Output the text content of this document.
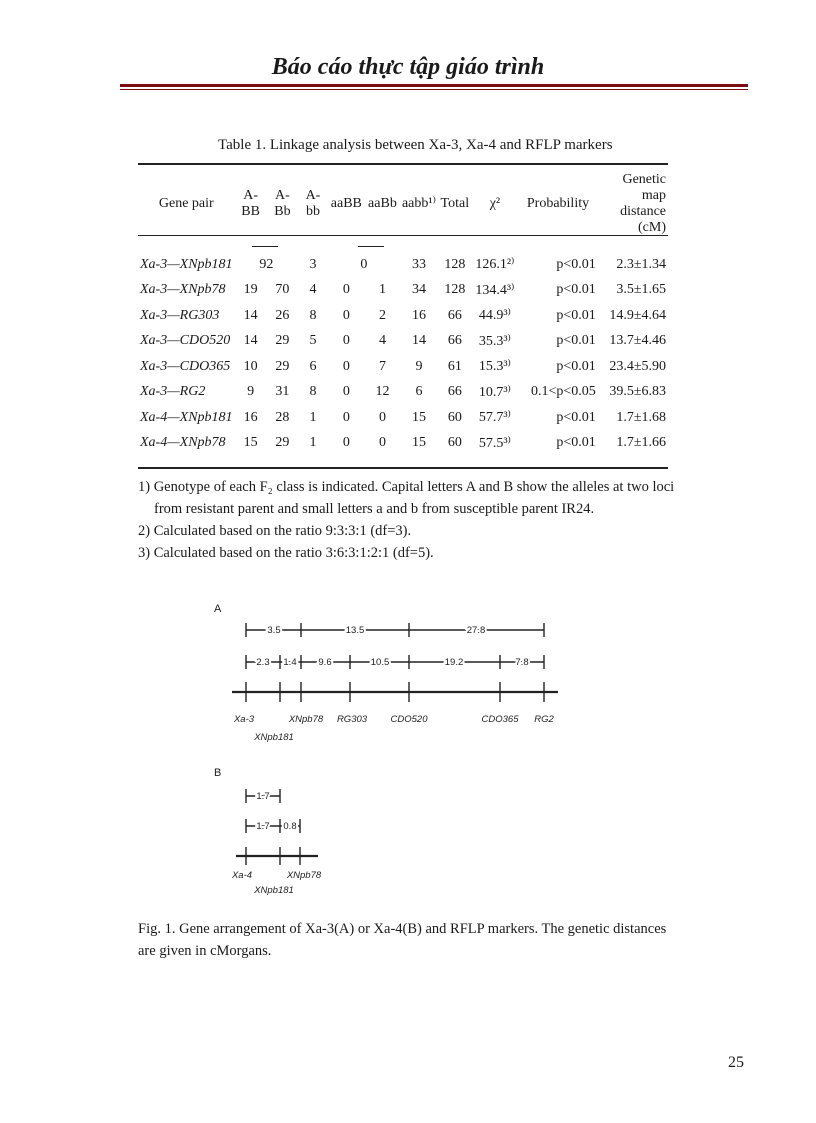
Báo cáo thực tập giáo trình
Table 1. Linkage analysis between Xa-3, Xa-4 and RFLP markers
Gene pair	A-BB	A-Bb	A-bb	aaBB	aaBb	aabb¹⁾	Total	χ²	Probability	Genetic map distance (cM)
Xa-3—XNpb181	92		3	0		33	128	126.1²⁾	p<0.01	2.3±1.34
Xa-3—XNpb78	19	70	4	0	1	34	128	134.4³⁾	p<0.01	3.5±1.65
Xa-3—RG303	14	26	8	0	2	16	66	44.9³⁾	p<0.01	14.9±4.64
Xa-3—CDO520	14	29	5	0	4	14	66	35.3³⁾	p<0.01	13.7±4.46
Xa-3—CDO365	10	29	6	0	7	9	61	15.3³⁾	p<0.01	23.4±5.90
Xa-3—RG2	9	31	8	0	12	6	66	10.7³⁾	0.1<p<0.05	39.5±6.83
Xa-4—XNpb181	16	28	1	0	0	15	60	57.7³⁾	p<0.01	1.7±1.68
Xa-4—XNpb78	15	29	1	0	0	15	60	57.5³⁾	p<0.01	1.7±1.66

1) Genotype of each F₂ class is indicated. Capital letters A and B show the alleles at two loci

from resistant parent and small letters a and b from susceptible parent IR24.

2) Calculated based on the ratio 9:3:3:1 (df=3).

3) Calculated based on the ratio 3:6:3:1:2:1 (df=5).

A
3.5	13.5	27.8
2.3 1.4 9.6	10.5	19.2	7.8
B
1.7
1.7 0.8
Xa-3
XNpb181
XNpb78 RG303 CDO520	CDO365 RG2
Xa-4
XNpb181
XNpb78
Fig. 1. Gene arrangement of Xa-3(A) or Xa-4(B) and RFLP markers. The genetic distances
are given in cMorgans.
25
